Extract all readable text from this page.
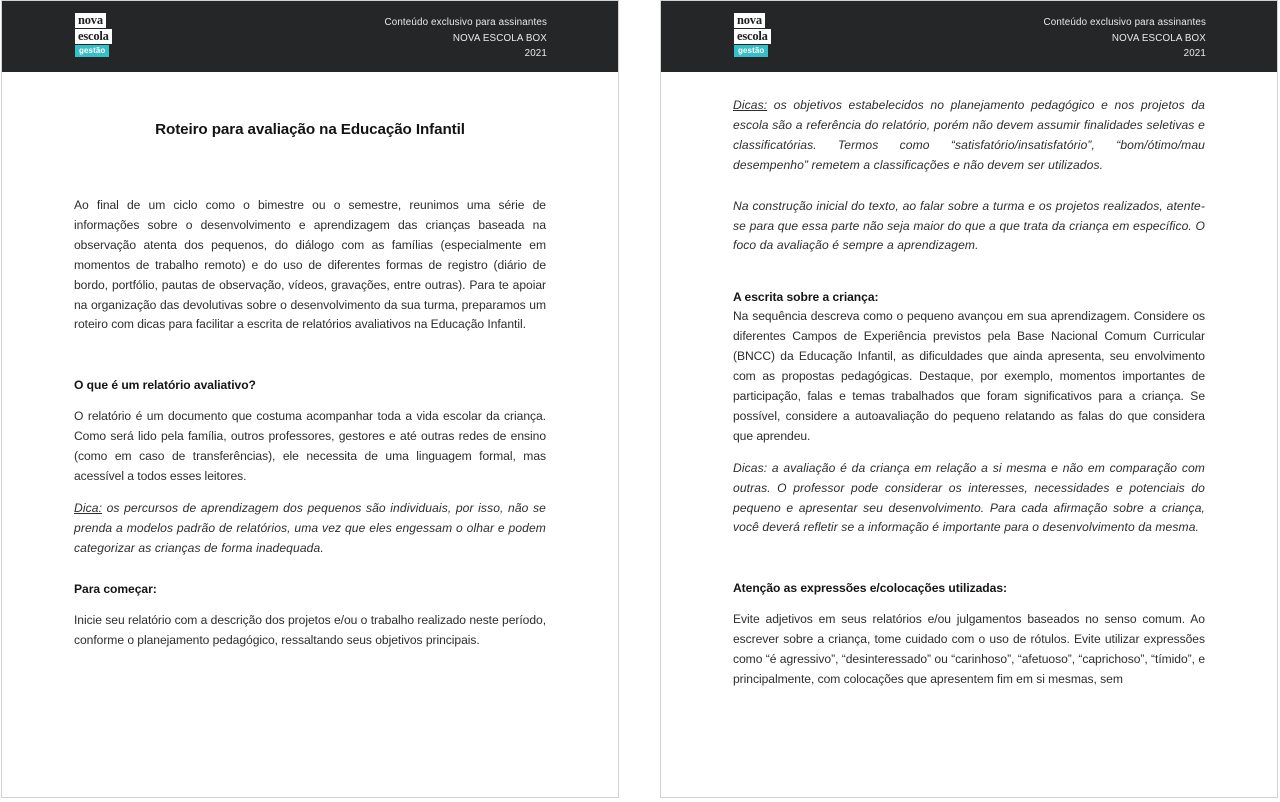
nova
escola
gestão
Conteúdo exclusivo para assinantes
NOVA ESCOLA BOX
2021
Roteiro para avaliação na Educação Infantil

Ao final de um ciclo como o bimestre ou o semestre, reunimos uma série de informações sobre o desenvolvimento e aprendizagem das crianças baseada na observação atenta dos pequenos, do diálogo com as famílias (especialmente em momentos de trabalho remoto) e do uso de diferentes formas de registro (diário de bordo, portfólio, pautas de observação, vídeos, gravações, entre outras). Para te apoiar na organização das devolutivas sobre o desenvolvimento da sua turma, preparamos um roteiro com dicas para facilitar a escrita de relatórios avaliativos na Educação Infantil.

O que é um relatório avaliativo?

O relatório é um documento que costuma acompanhar toda a vida escolar da criança. Como será lido pela família, outros professores, gestores e até outras redes de ensino (como em caso de transferências), ele necessita de uma linguagem formal, mas acessível a todos esses leitores.

Dica: os percursos de aprendizagem dos pequenos são individuais, por isso, não se prenda a modelos padrão de relatórios, uma vez que eles engessam o olhar e podem categorizar as crianças de forma inadequada.

Para começar:

Inicie seu relatório com a descrição dos projetos e/ou o trabalho realizado neste período, conforme o planejamento pedagógico, ressaltando seus objetivos principais.

nova
escola
gestão
Conteúdo exclusivo para assinantes
NOVA ESCOLA BOX
2021

Dicas: os objetivos estabelecidos no planejamento pedagógico e nos projetos da escola são a referência do relatório, porém não devem assumir finalidades seletivas e classificatórias. Termos como “satisfatório/insatisfatório”, “bom/ótimo/mau desempenho” remetem a classificações e não devem ser utilizados.

Na construção inicial do texto, ao falar sobre a turma e os projetos realizados, atente-se para que essa parte não seja maior do que a que trata da criança em específico. O foco da avaliação é sempre a aprendizagem.

A escrita sobre a criança:

Na sequência descreva como o pequeno avançou em sua aprendizagem. Considere os diferentes Campos de Experiência previstos pela Base Nacional Comum Curricular (BNCC) da Educação Infantil, as dificuldades que ainda apresenta, seu envolvimento com as propostas pedagógicas. Destaque, por exemplo, momentos importantes de participação, falas e temas trabalhados que foram significativos para a criança. Se possível, considere a autoavaliação do pequeno relatando as falas do que considera que aprendeu.

Dicas: a avaliação é da criança em relação a si mesma e não em comparação com outras. O professor pode considerar os interesses, necessidades e potenciais do pequeno e apresentar seu desenvolvimento. Para cada afirmação sobre a criança, você deverá refletir se a informação é importante para o desenvolvimento da mesma.

Atenção as expressões e/colocações utilizadas:

Evite adjetivos em seus relatórios e/ou julgamentos baseados no senso comum. Ao escrever sobre a criança, tome cuidado com o uso de rótulos. Evite utilizar expressões como “é agressivo”, “desinteressado” ou “carinhoso”, “afetuoso”, “caprichoso”, “tímido”, e principalmente, com colocações que apresentem fim em si mesmas, sem
